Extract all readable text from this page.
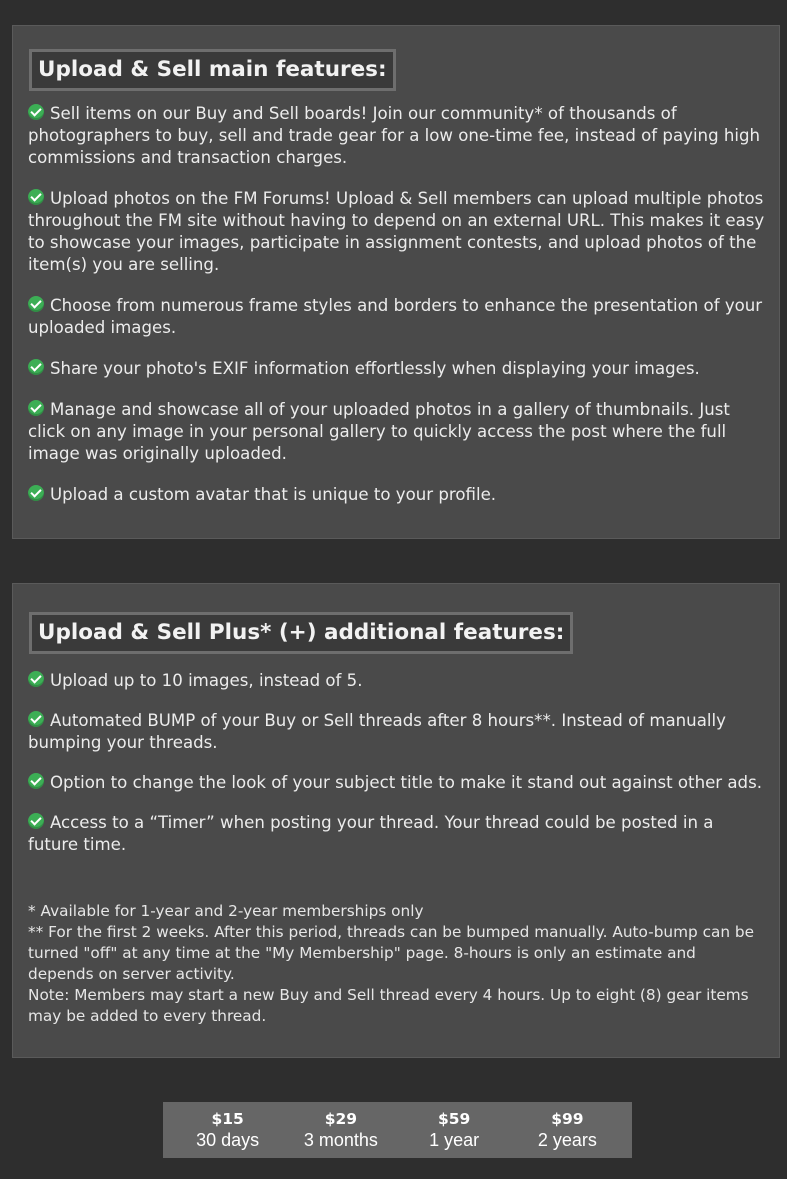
Upload & Sell main features:
Sell items on our Buy and Sell boards! Join our community* of thousands of photographers to buy, sell and trade gear for a low one-time fee, instead of paying high commissions and transaction charges.
Upload photos on the FM Forums! Upload & Sell members can upload multiple photos throughout the FM site without having to depend on an external URL. This makes it easy to showcase your images, participate in assignment contests, and upload photos of the item(s) you are selling.
Choose from numerous frame styles and borders to enhance the presentation of your uploaded images.
Share your photo's EXIF information effortlessly when displaying your images.
Manage and showcase all of your uploaded photos in a gallery of thumbnails. Just click on any image in your personal gallery to quickly access the post where the full image was originally uploaded.
Upload a custom avatar that is unique to your profile.
Upload & Sell Plus* (+) additional features:
Upload up to 10 images, instead of 5.
Automated BUMP of your Buy or Sell threads after 8 hours**. Instead of manually bumping your threads.
Option to change the look of your subject title to make it stand out against other ads.
Access to a “Timer” when posting your thread. Your thread could be posted in a future time.
* Available for 1-year and 2-year memberships only
** For the first 2 weeks. After this period, threads can be bumped manually. Auto-bump can be turned "off" at any time at the "My Membership" page. 8-hours is only an estimate and depends on server activity.
Note: Members may start a new Buy and Sell thread every 4 hours. Up to eight (8) gear items may be added to every thread.
$15
30 days
$29
3 months
$59
1 year
$99
2 years
